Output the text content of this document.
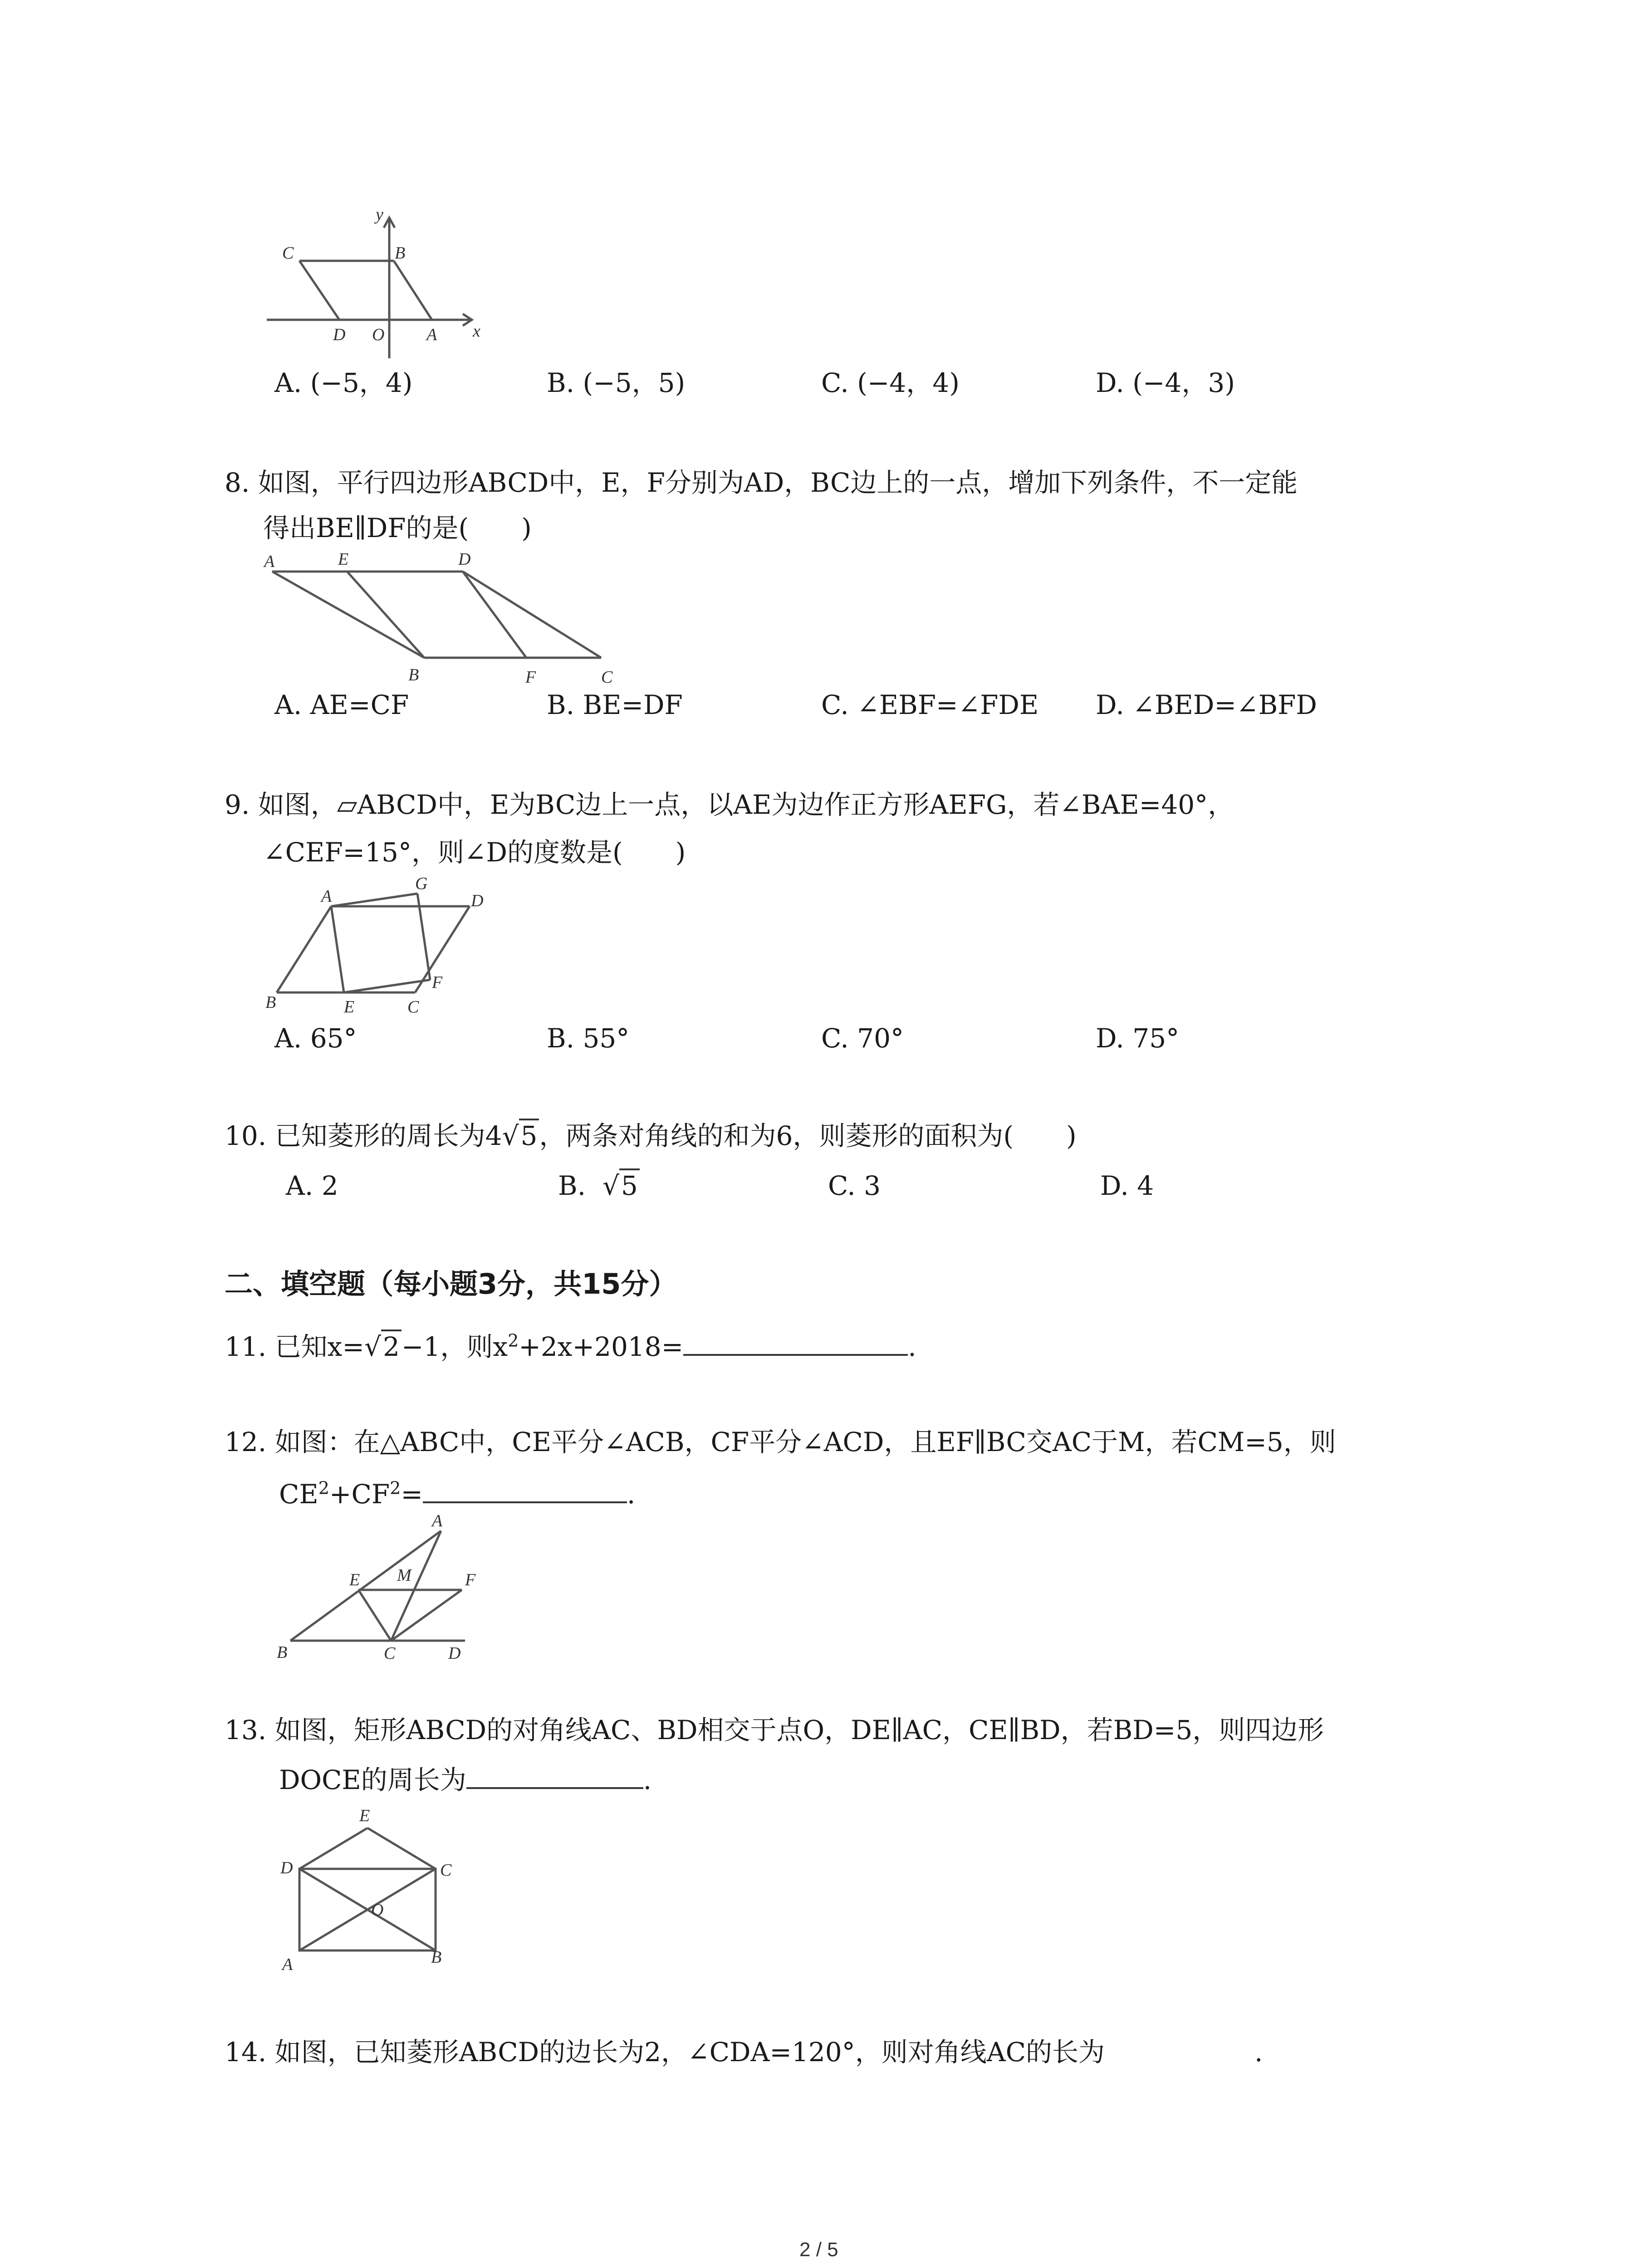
y
C	B
D O A x
A. (−5，4)	B. (−5，5)	C. (−4，4)	D. (−4，3)
8. 如图，平行四边形ABCD中，E，F分别为AD，BC边上的一点，增加下列条件，不一定能
得出BE∥DF的是(　　)
A	E	D
B	F	C
A. AE=CF	B. BE=DF	C. ∠EBF=∠FDE D. ∠BED=∠BFD
9. 如图，▱ABCD中，E为BC边上一点，以AE为边作正方形AEFG，若∠BAE=40°，
∠CEF=15°，则∠D的度数是(　　)
A
G
D
B	E	C
F
A. 65°	B. 55°	C. 70°	D. 75°
10. 已知菱形的周长为4√5，两条对角线的和为6，则菱形的面积为(　　)
A. 2	B. √5	C. 3	D. 4
二、填空题（每小题3分，共15分）
11. 已知x=√2−1，则$x^2+2x+2018=$	.
12. 如图：在△ABC中，CE平分∠ACB，CF平分∠ACD，且EF∥BC交AC于M，若CM=5，则
$CE^2+CF^2=$	.
A
E M	F
B	C	D
13. 如图，矩形ABCD的对角线AC、BD相交于点O，DE∥AC，CE∥BD，若BD=5，则四边形
DOCE的周长为	.
E
D	C
O
A	B
14. 如图，已知菱形ABCD的边长为2，∠CDA=120°，则对角线AC的长为	.
2 / 5
